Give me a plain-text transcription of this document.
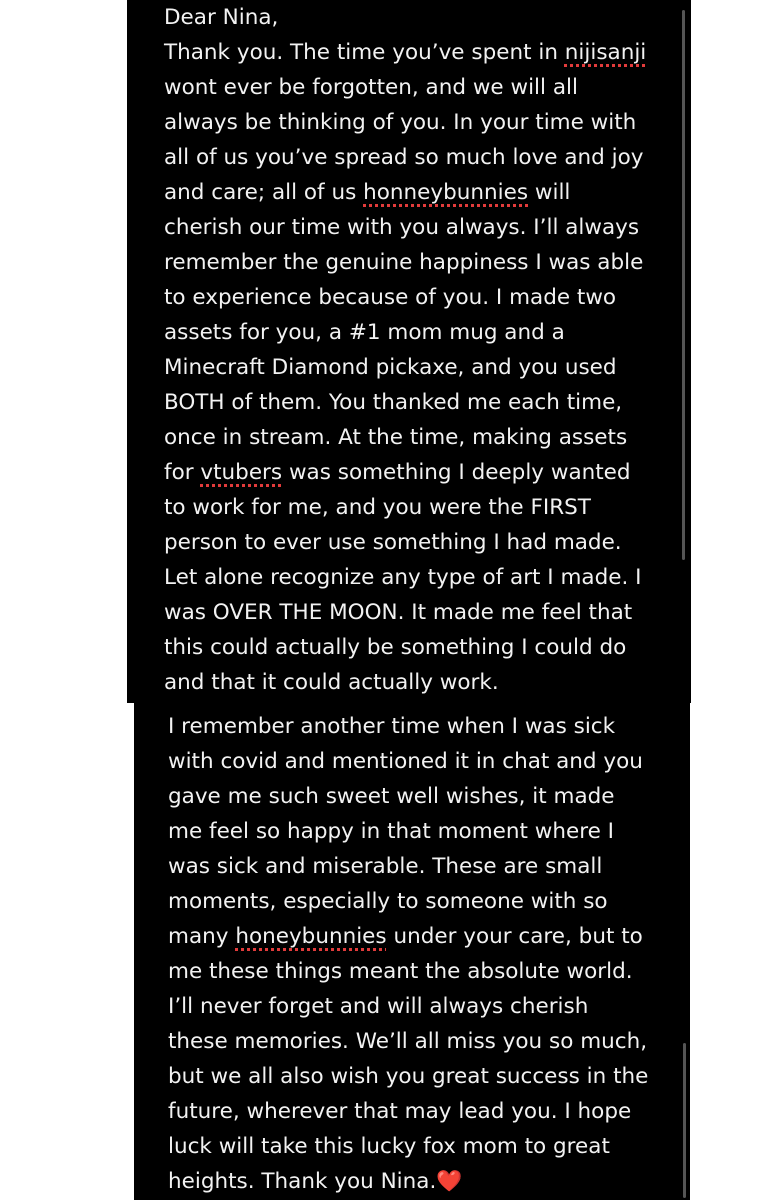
Dear Nina,
Thank you. The time you’ve spent in nijisanji
wont ever be forgotten, and we will all
always be thinking of you. In your time with
all of us you’ve spread so much love and joy
and care; all of us honneybunnies will
cherish our time with you always. I’ll always
remember the genuine happiness I was able
to experience because of you. I made two
assets for you, a #1 mom mug and a
Minecraft Diamond pickaxe, and you used
BOTH of them. You thanked me each time,
once in stream. At the time, making assets
for vtubers was something I deeply wanted
to work for me, and you were the FIRST
person to ever use something I had made.
Let alone recognize any type of art I made. I
was OVER THE MOON. It made me feel that
this could actually be something I could do
and that it could actually work.
I remember another time when I was sick
with covid and mentioned it in chat and you
gave me such sweet well wishes, it made
me feel so happy in that moment where I
was sick and miserable. These are small
moments, especially to someone with so
many honeybunnies under your care, but to
me these things meant the absolute world.
I’ll never forget and will always cherish
these memories. We’ll all miss you so much,
but we all also wish you great success in the
future, wherever that may lead you. I hope
luck will take this lucky fox mom to great
heights. Thank you Nina.❤️
